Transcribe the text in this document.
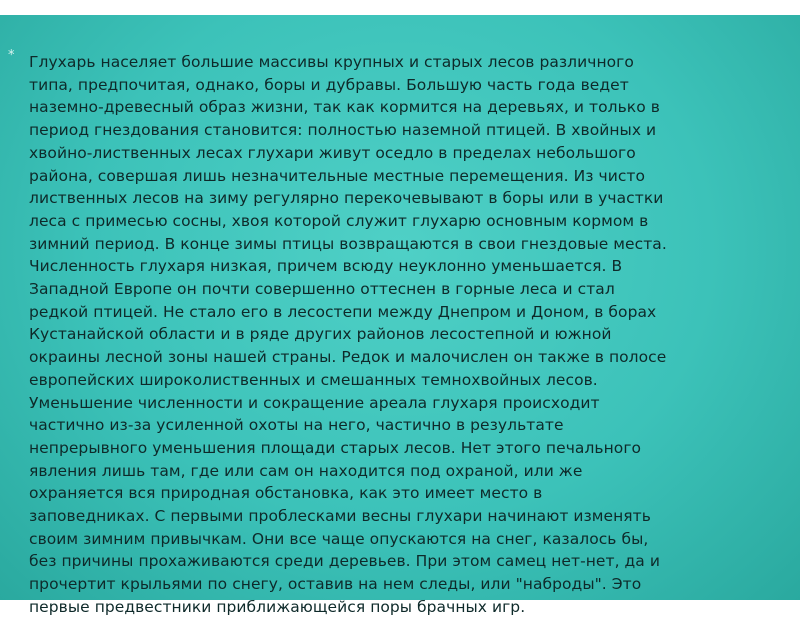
* Глухарь населяет большие массивы крупных и старых лесов различного
типа, предпочитая, однако, боры и дубравы. Большую часть года ведет
наземно-древесный образ жизни, так как кормится на деревьях, и только в
период гнездования становится: полностью наземной птицей. В хвойных и
хвойно-лиственных лесах глухари живут оседло в пределах небольшого
района, совершая лишь незначительные местные перемещения. Из чисто
лиственных лесов на зиму регулярно перекочевывают в боры или в участки
леса с примесью сосны, хвоя которой служит глухарю основным кормом в
зимний период. В конце зимы птицы возвращаются в свои гнездовые места.
Численность глухаря низкая, причем всюду неуклонно уменьшается. В
Западной Европе он почти совершенно оттеснен в горные леса и стал
редкой птицей. Не стало его в лесостепи между Днепром и Доном, в борах
Кустанайской области и в ряде других районов лесостепной и южной
окраины лесной зоны нашей страны. Редок и малочислен он также в полосе
европейских широколиственных и смешанных темнохвойных лесов.
Уменьшение численности и сокращение ареала глухаря происходит
частично из-за усиленной охоты на него, частично в результате
непрерывного уменьшения площади старых лесов. Нет этого печального
явления лишь там, где или сам он находится под охраной, или же
охраняется вся природная обстановка, как это имеет место в
заповедниках. С первыми проблесками весны глухари начинают изменять
своим зимним привычкам. Они все чаще опускаются на снег, казалось бы,
без причины прохаживаются среди деревьев. При этом самец нет-нет, да и
прочертит крыльями по снегу, оставив на нем следы, или "наброды". Это
первые предвестники приближающейся поры брачных игр.
